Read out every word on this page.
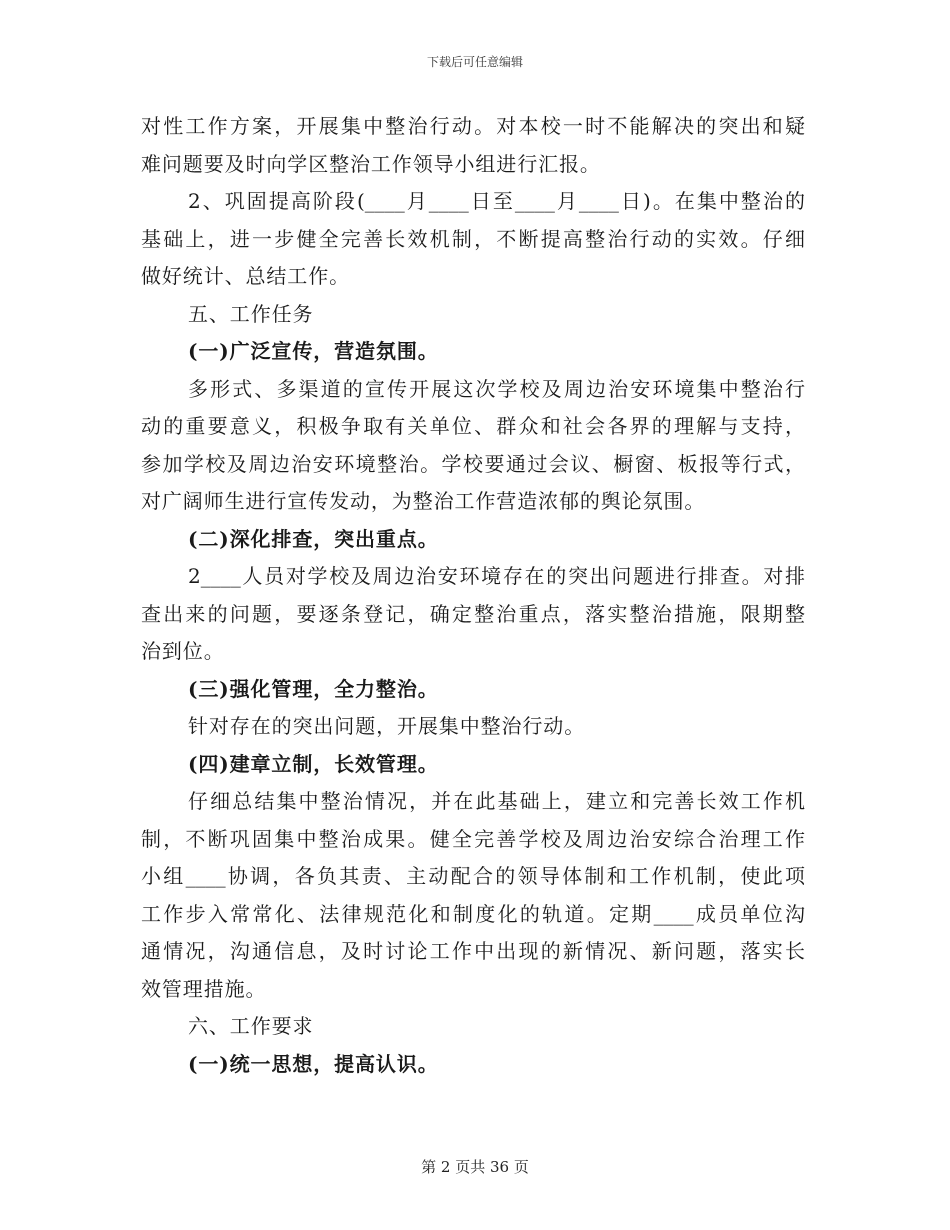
下载后可任意编辑
对性工作方案，开展集中整治行动。对本校一时不能解决的突出和疑
难问题要及时向学区整治工作领导小组进行汇报。
2、巩固提高阶段(____月____日至____月____日)。在集中整治的
基础上，进一步健全完善长效机制，不断提高整治行动的实效。仔细
做好统计、总结工作。
五、工作任务
(一)广泛宣传，营造氛围。
多形式、多渠道的宣传开展这次学校及周边治安环境集中整治行
动的重要意义，积极争取有关单位、群众和社会各界的理解与支持，
参加学校及周边治安环境整治。学校要通过会议、橱窗、板报等行式，
对广阔师生进行宣传发动，为整治工作营造浓郁的舆论氛围。
(二)深化排查，突出重点。
2____人员对学校及周边治安环境存在的突出问题进行排查。对排
查出来的问题，要逐条登记，确定整治重点，落实整治措施，限期整
治到位。
(三)强化管理，全力整治。
针对存在的突出问题，开展集中整治行动。
(四)建章立制，长效管理。
仔细总结集中整治情况，并在此基础上，建立和完善长效工作机
制，不断巩固集中整治成果。健全完善学校及周边治安综合治理工作
小组____协调，各负其责、主动配合的领导体制和工作机制，使此项
工作步入常常化、法律规范化和制度化的轨道。定期____成员单位沟
通情况，沟通信息，及时讨论工作中出现的新情况、新问题，落实长
效管理措施。
六、工作要求
(一)统一思想，提高认识。
第 2 页共 36 页
